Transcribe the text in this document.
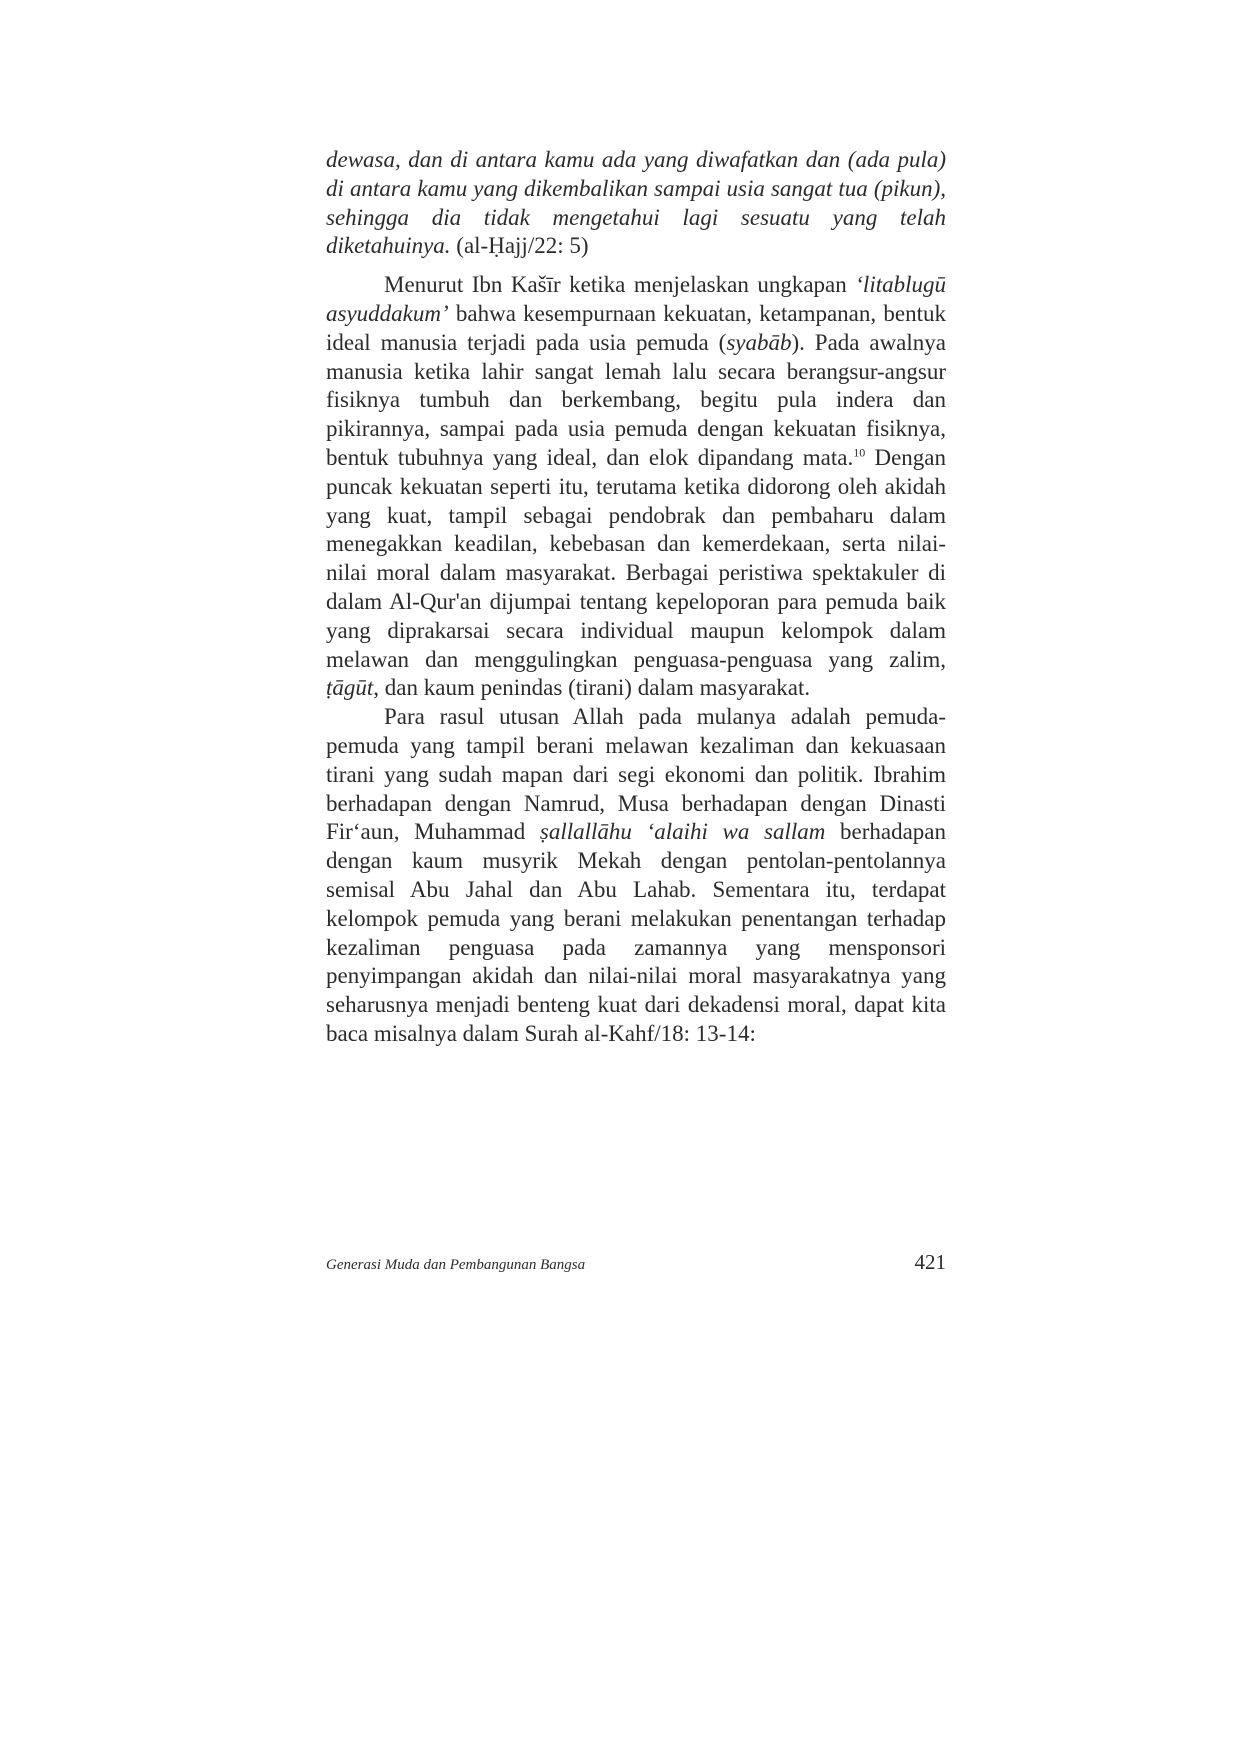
dewasa, dan di antara kamu ada yang diwafatkan dan (ada pula) di antara kamu yang dikembalikan sampai usia sangat tua (pikun), sehingga dia tidak mengetahui lagi sesuatu yang telah diketahuinya. (al-Ḥajj/22: 5)

Menurut Ibn Kašīr ketika menjelaskan ungkapan ‘litablugū asyuddakum’ bahwa kesempurnaan kekuatan, ketampanan, bentuk ideal manusia terjadi pada usia pemuda (syabāb). Pada awalnya manusia ketika lahir sangat lemah lalu secara berangsur-angsur fisiknya tumbuh dan berkembang, begitu pula indera dan pikirannya, sampai pada usia pemuda dengan kekuatan fisiknya, bentuk tubuhnya yang ideal, dan elok dipandang mata.$^{10}$ Dengan puncak kekuatan seperti itu, terutama ketika didorong oleh akidah yang kuat, tampil sebagai pendobrak dan pembaharu dalam menegakkan keadilan, kebebasan dan kemerdekaan, serta nilai-nilai moral dalam masyarakat. Berbagai peristiwa spektakuler di dalam Al-Qur'an dijumpai tentang kepeloporan para pemuda baik yang diprakarsai secara individual maupun kelompok dalam melawan dan menggulingkan penguasa-penguasa yang zalim, ṭāgūt, dan kaum penindas (tirani) dalam masyarakat.

Para rasul utusan Allah pada mulanya adalah pemuda-pemuda yang tampil berani melawan kezaliman dan kekuasaan tirani yang sudah mapan dari segi ekonomi dan politik. Ibrahim berhadapan dengan Namrud, Musa berhadapan dengan Dinasti Fir‘aun, Muhammad ṣallallāhu ‘alaihi wa sallam berhadapan dengan kaum musyrik Mekah dengan pentolan-pentolannya semisal Abu Jahal dan Abu Lahab. Sementara itu, terdapat kelompok pemuda yang berani melakukan penentangan terhadap kezaliman penguasa pada zamannya yang mensponsori penyimpangan akidah dan nilai-nilai moral masyarakatnya yang seharusnya menjadi benteng kuat dari dekadensi moral, dapat kita baca misalnya dalam Surah al-Kahf/18: 13-14:

Generasi Muda dan Pembangunan Bangsa	421
